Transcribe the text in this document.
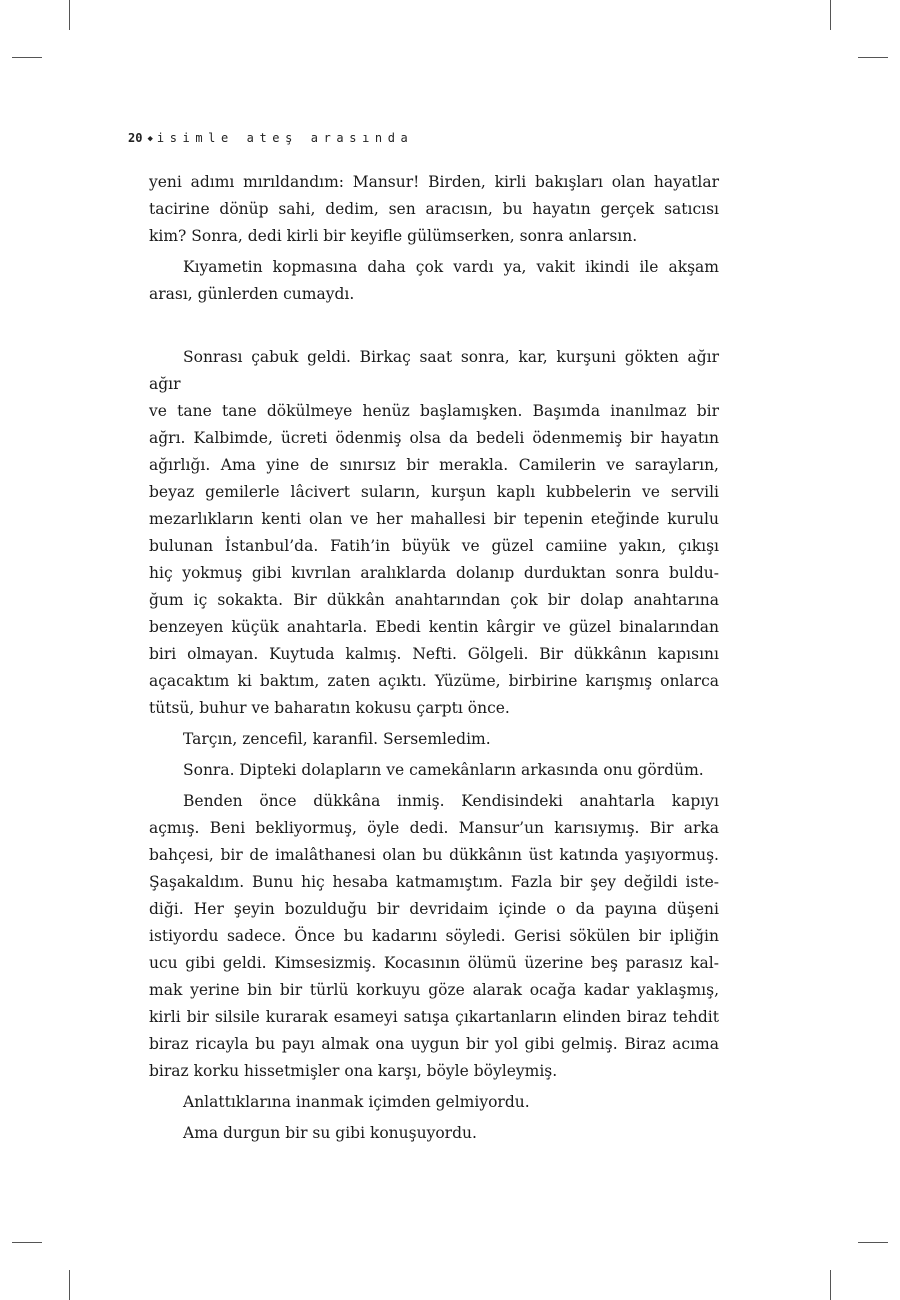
20 ◆ isimle ateş arasında

yeni adımı mırıldandım: Mansur! Birden, kirli bakışları olan hayatlar
tacirine dönüp sahi, dedim, sen aracısın, bu hayatın gerçek satıcısı
kim? Sonra, dedi kirli bir keyifle gülümserken, sonra anlarsın.

Kıyametin kopmasına daha çok vardı ya, vakit ikindi ile akşam
arası, günlerden cumaydı.

Sonrası çabuk geldi. Birkaç saat sonra, kar, kurşuni gökten ağır ağır
ve tane tane dökülmeye henüz başlamışken. Başımda inanılmaz bir
ağrı. Kalbimde, ücreti ödenmiş olsa da bedeli ödenmemiş bir hayatın
ağırlığı. Ama yine de sınırsız bir merakla. Camilerin ve sarayların,
beyaz gemilerle lâcivert suların, kurşun kaplı kubbelerin ve servili
mezarlıkların kenti olan ve her mahallesi bir tepenin eteğinde kurulu
bulunan İstanbul’da. Fatih’in büyük ve güzel camiine yakın, çıkışı
hiç yokmuş gibi kıvrılan aralıklarda dolanıp durduktan sonra buldu-
ğum iç sokakta. Bir dükkân anahtarından çok bir dolap anahtarına
benzeyen küçük anahtarla. Ebedi kentin kârgir ve güzel binalarından
biri olmayan. Kuytuda kalmış. Nefti. Gölgeli. Bir dükkânın kapısını
açacaktım ki baktım, zaten açıktı. Yüzüme, birbirine karışmış onlarca
tütsü, buhur ve baharatın kokusu çarptı önce.

Tarçın, zencefil, karanfil. Sersemledim.

Sonra. Dipteki dolapların ve camekânların arkasında onu gördüm.

Benden önce dükkâna inmiş. Kendisindeki anahtarla kapıyı
açmış. Beni bekliyormuş, öyle dedi. Mansur’un karısıymış. Bir arka
bahçesi, bir de imalâthanesi olan bu dükkânın üst katında yaşıyormuş.
Şaşakaldım. Bunu hiç hesaba katmamıştım. Fazla bir şey değildi iste-
diği. Her şeyin bozulduğu bir devridaim içinde o da payına düşeni
istiyordu sadece. Önce bu kadarını söyledi. Gerisi sökülen bir ipliğin
ucu gibi geldi. Kimsesizmiş. Kocasının ölümü üzerine beş parasız kal-
mak yerine bin bir türlü korkuyu göze alarak ocağa kadar yaklaşmış,
kirli bir silsile kurarak esameyi satışa çıkartanların elinden biraz tehdit
biraz ricayla bu payı almak ona uygun bir yol gibi gelmiş. Biraz acıma
biraz korku hissetmişler ona karşı, böyle böyleymiş.

Anlattıklarına inanmak içimden gelmiyordu.

Ama durgun bir su gibi konuşuyordu.
